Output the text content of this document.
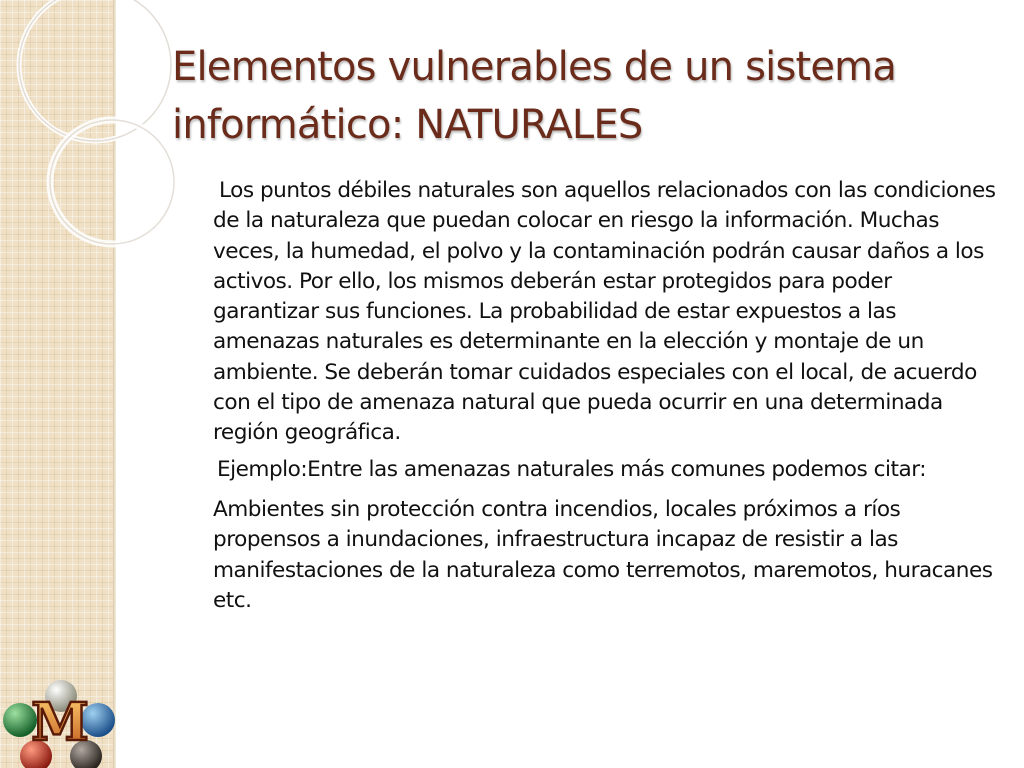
Elementos vulnerables de un sistema informático: NATURALES

Los puntos débiles naturales son aquellos relacionados con las condiciones de la naturaleza que puedan colocar en riesgo la información. Muchas veces, la humedad, el polvo y la contaminación podrán causar daños a los activos. Por ello, los mismos deberán estar protegidos para poder garantizar sus funciones. La probabilidad de estar expuestos a las amenazas naturales es determinante en la elección y montaje de un ambiente. Se deberán tomar cuidados especiales con el local, de acuerdo con el tipo de amenaza natural que pueda ocurrir en una determinada región geográfica.

Ejemplo:Entre las amenazas naturales más comunes podemos citar:

Ambientes sin protección contra incendios, locales próximos a ríos propensos a inundaciones, infraestructura incapaz de resistir a las manifestaciones de la naturaleza como terremotos, maremotos, huracanes etc.

M
